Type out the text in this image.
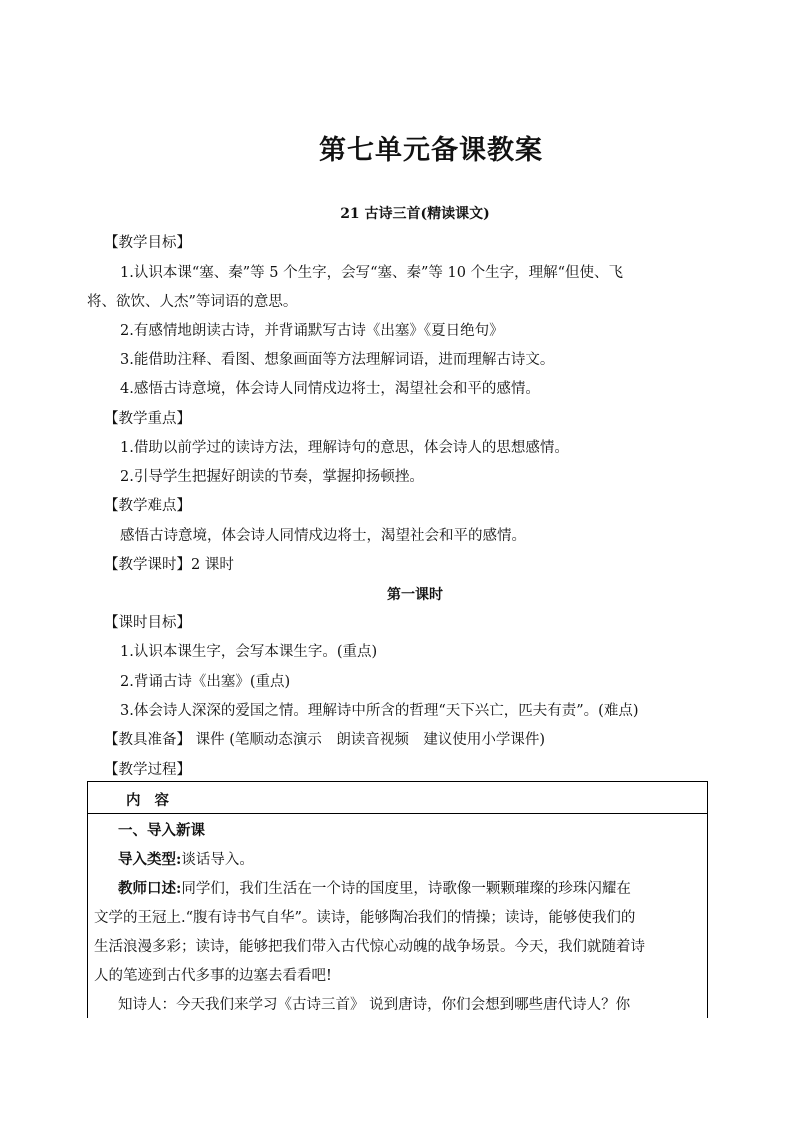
第七单元备课教案
21 古诗三首(精读课文)
【教学目标】
1.认识本课“塞、秦”等 5 个生字，会写“塞、秦”等 10 个生字，理解“但使、飞
将、欲饮、人杰”等词语的意思。
2.有感情地朗读古诗，并背诵默写古诗《出塞》《夏日绝句》
3.能借助注释、看图、想象画面等方法理解词语，进而理解古诗文。
4.感悟古诗意境，体会诗人同情戍边将士，渴望社会和平的感情。
【教学重点】
1.借助以前学过的读诗方法，理解诗句的意思，体会诗人的思想感情。
2.引导学生把握好朗读的节奏，掌握抑扬顿挫。
【教学难点】
感悟古诗意境，体会诗人同情戍边将士，渴望社会和平的感情。
【教学课时】2 课时
第一课时
【课时目标】
1.认识本课生字，会写本课生字。(重点)
2.背诵古诗《出塞》(重点)
3.体会诗人深深的爱国之情。理解诗中所含的哲理“天下兴亡，匹夫有责”。(难点)
【教具准备】 课件 (笔顺动态演示　朗读音视频　建议使用小学课件)
【教学过程】
内容
一、导入新课
导入类型:谈话导入。
教师口述:同学们，我们生活在一个诗的国度里，诗歌像一颗颗璀璨的珍珠闪耀在
文学的王冠上.“腹有诗书气自华”。读诗，能够陶冶我们的情操；读诗，能够使我们的
生活浪漫多彩；读诗，能够把我们带入古代惊心动魄的战争场景。今天，我们就随着诗
人的笔迹到古代多事的边塞去看看吧!
知诗人：今天我们来学习《古诗三首》 说到唐诗，你们会想到哪些唐代诗人？你
